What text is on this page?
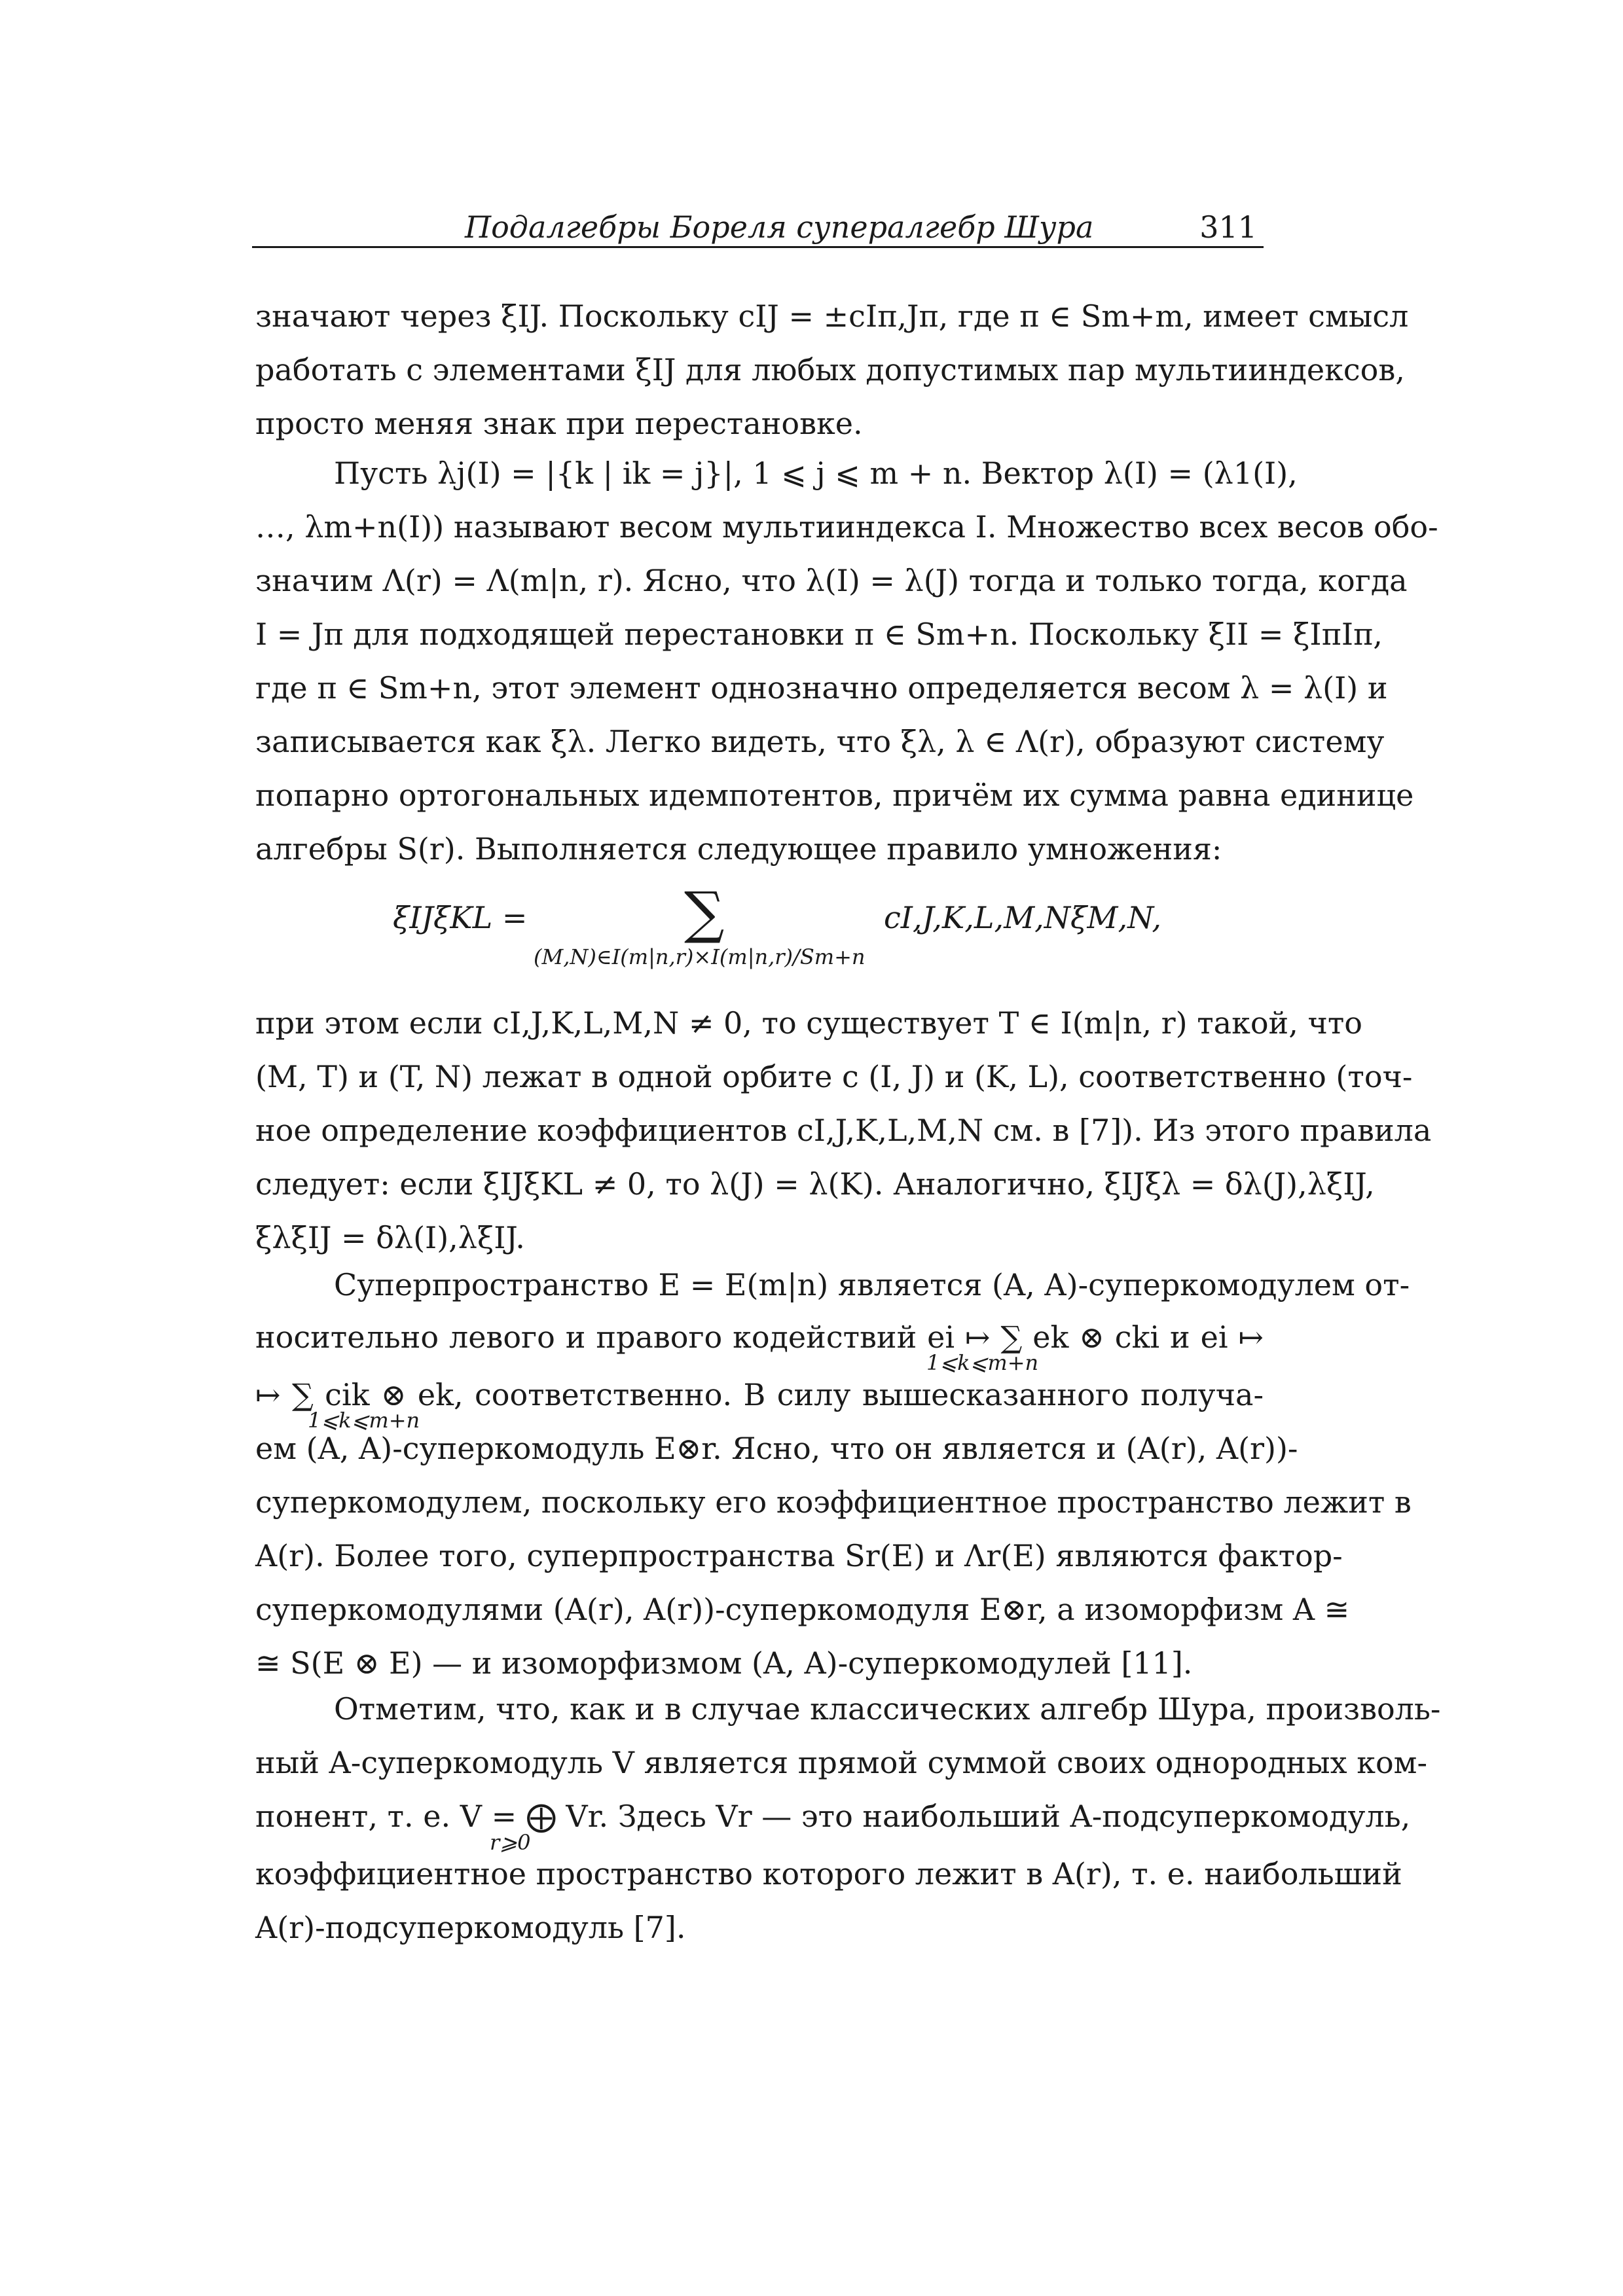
Подалгебры Бореля супералгебр Шура	311
значают через ξIJ. Поскольку cIJ = ±cIπ,Jπ, где π ∈ Sm+m, имеет смысл
работать с элементами ξIJ для любых допустимых пар мультииндексов,
просто меняя знак при перестановке.
Пусть λj(I) = |{k | ik = j}|, 1 ⩽ j ⩽ m + n. Вектор λ(I) = (λ1(I),
…, λm+n(I)) называют весом мультииндекса I. Множество всех весов обо-
значим Λ(r) = Λ(m|n, r). Ясно, что λ(I) = λ(J) тогда и только тогда, когда
I = Jπ для подходящей перестановки π ∈ Sm+n. Поскольку ξII = ξIπIπ,
где π ∈ Sm+n, этот элемент однозначно определяется весом λ = λ(I) и
записывается как ξλ. Легко видеть, что ξλ, λ ∈ Λ(r), образуют систему
попарно ортогональных идемпотентов, причём их сумма равна единице
алгебры S(r). Выполняется следующее правило умножения:
ξIJξKL =	∑
(M,N)∈I(m|n,r)×I(m|n,r)/Sm+n
cI,J,K,L,M,NξM,N,
при этом если cI,J,K,L,M,N ≠ 0, то существует T ∈ I(m|n, r) такой, что
(M, T) и (T, N) лежат в одной орбите с (I, J) и (K, L), соответственно (точ-
ное определение коэффициентов cI,J,K,L,M,N см. в [7]). Из этого правила
следует: если ξIJξKL ≠ 0, то λ(J) = λ(K). Аналогично, ξIJξλ = δλ(J),λξIJ,
ξλξIJ = δλ(I),λξIJ.
Суперпространство E = E(m|n) является (A, A)-суперкомодулем от-
носительно левого и правого кодействий ei ↦ ∑ ek ⊗ cki и ei ↦
1⩽k⩽m+n
↦ ∑ cik ⊗ ek, соответственно. В силу вышесказанного получа-
1⩽k⩽m+n
ем (A, A)-суперкомодуль E⊗r. Ясно, что он является и (A(r), A(r))-
суперкомодулем, поскольку его коэффициентное пространство лежит в
A(r). Более того, суперпространства Sr(E) и Λr(E) являются фактор-
суперкомодулями (A(r), A(r))-суперкомодуля E⊗r, а изоморфизм A ≅
≅ S(E ⊗ E) — и изоморфизмом (A, A)-суперкомодулей [11].
Отметим, что, как и в случае классических алгебр Шура, произволь-
ный A-суперкомодуль V является прямой суммой своих однородных ком-
понент, т. е. V = ⨁ Vr. Здесь Vr — это наибольший A-подсуперкомодуль,
r⩾0
коэффициентное пространство которого лежит в A(r), т. е. наибольший
A(r)-подсуперкомодуль [7].
